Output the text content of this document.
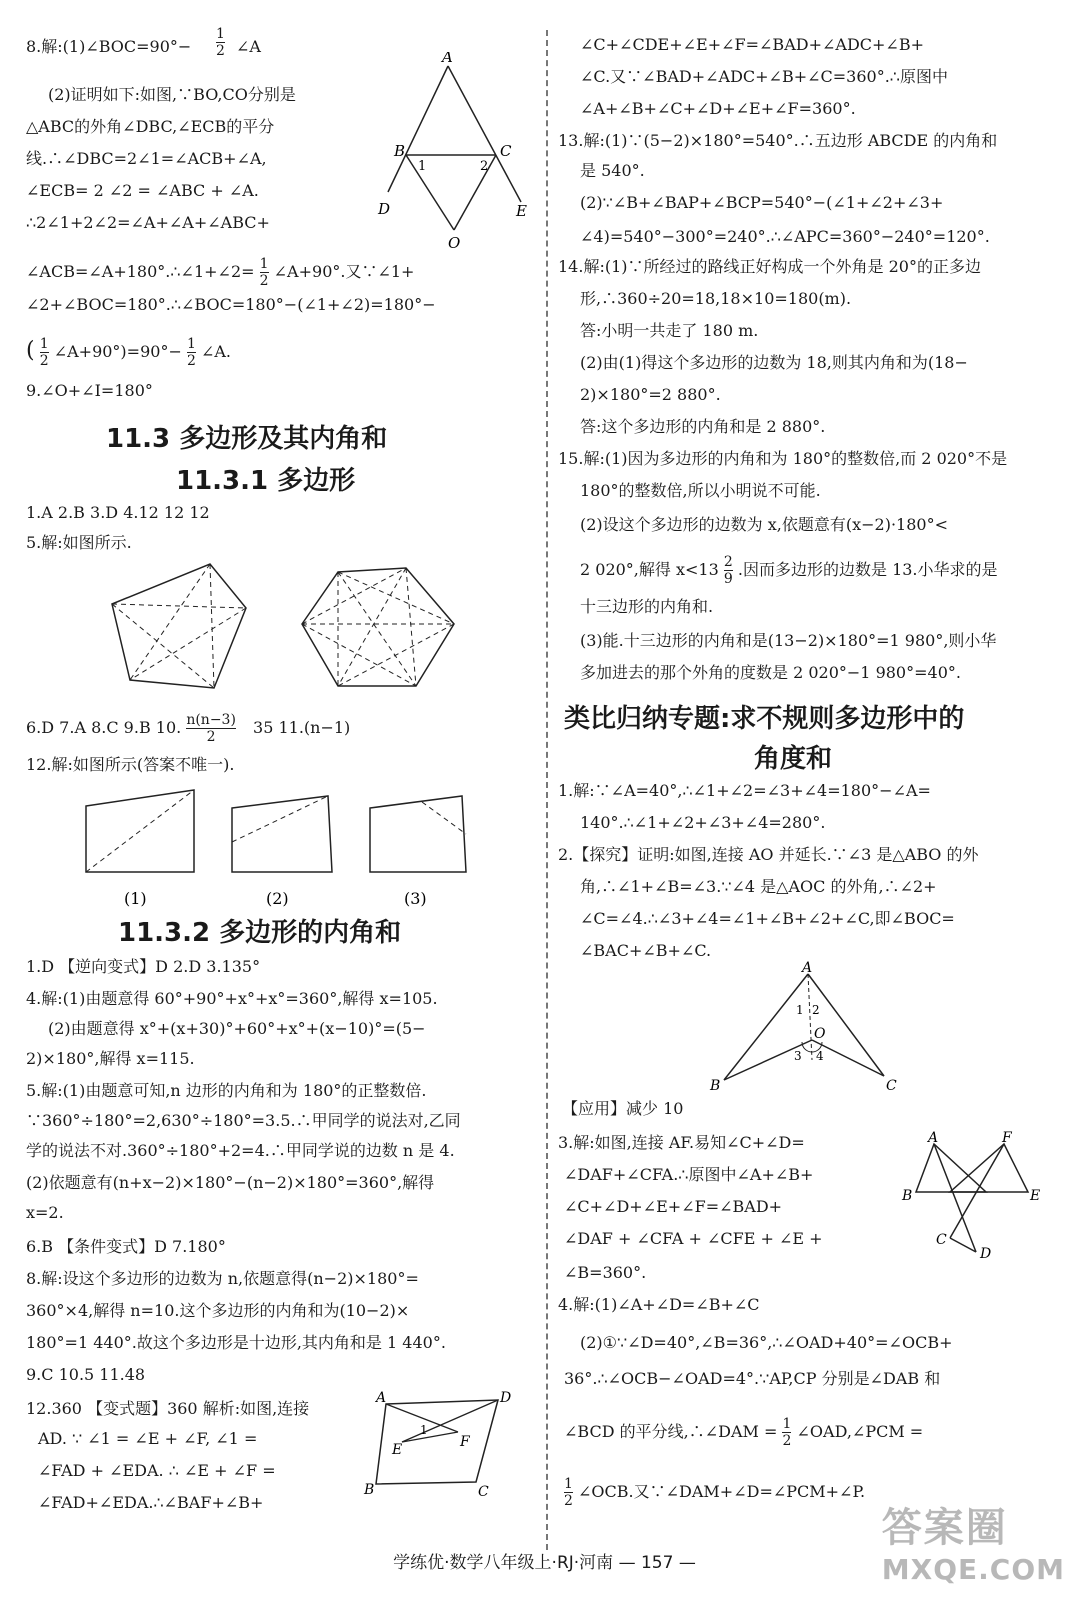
8.解:(1)∠BOC=90°−
1
2 ∠A
(2)证明如下:如图,∵BO,CO分别是
△ABC的外角∠DBC,∠ECB的平分
线.∴∠DBC=2∠1=∠ACB+∠A,
∠ECB= 2 ∠2 = ∠ABC + ∠A.
∴2∠1+2∠2=∠A+∠A+∠ABC+
∠ACB=∠A+180°.∴∠1+∠2= $\frac{1}{2}$ ∠A+90°.又∵∠1+
∠2+∠BOC=180°.∴∠BOC=180°−(∠1+∠2)=180°−
( $\frac{1}{2}$ ∠A+90°)=90°− $\frac{1}{2}$ ∠A.
9.∠O+∠I=180°
A
B	C
D	E
O
1	2
11.3 多边形及其内角和
11.3.1 多边形
1.A 2.B 3.D 4.12 12 12
5.解:如图所示.
6.D 7.A 8.C 9.B 10. $\frac{n(n-3)}{2} 35$ 11.(n−1)
12.解:如图所示(答案不唯一).
(1)	(2)	(3)
11.3.2 多边形的内角和
1.D 【逆向变式】D 2.D 3.135°
4.解:(1)由题意得 60°+90°+x°+x°=360°,解得 x=105.
(2)由题意得 x°+(x+30)°+60°+x°+(x−10)°=(5−
2)×180°,解得 x=115.
5.解:(1)由题意可知,n 边形的内角和为 180°的正整数倍.
∵360°÷180°=2,630°÷180°=3.5.∴甲同学的说法对,乙同
学的说法不对.360°÷180°+2=4.∴甲同学说的边数 n 是 4.
(2)依题意有(n+x−2)×180°−(n−2)×180°=360°,解得
x=2.
6.B 【条件变式】D 7.180°
8.解:设这个多边形的边数为 n,依题意得(n−2)×180°=
360°×4,解得 n=10.这个多边形的内角和为(10−2)×
180°=1 440°.故这个多边形是十边形,其内角和是 1 440°.
9.C 10.5 11.48
12.360 【变式题】360 解析:如图,连接
AD. ∵ ∠1 = ∠E + ∠F, ∠1 =
∠FAD + ∠EDA. ∴ ∠E + ∠F =
∠FAD+∠EDA.∴∠BAF+∠B+
A	D
E	F
1
B	C
∠C+∠CDE+∠E+∠F=∠BAD+∠ADC+∠B+
∠C.又∵∠BAD+∠ADC+∠B+∠C=360°.∴原图中
∠A+∠B+∠C+∠D+∠E+∠F=360°.
13.解:(1)∵(5−2)×180°=540°.∴五边形 ABCDE 的内角和
是 540°.
(2)∵∠B+∠BAP+∠BCP=540°−(∠1+∠2+∠3+
∠4)=540°−300°=240°.∴∠APC=360°−240°=120°.
14.解:(1)∵所经过的路线正好构成一个外角是 20°的正多边
形,∴360÷20=18,18×10=180(m).
答:小明一共走了 180 m.
(2)由(1)得这个多边形的边数为 18,则其内角和为(18−
2)×180°=2 880°.
答:这个多边形的内角和是 2 880°.
15.解:(1)因为多边形的内角和为 180°的整数倍,而 2 020°不是
180°的整数倍,所以小明说不可能.
(2)设这个多边形的边数为 x,依题意有(x−2)·180°<
2 020°,解得 $x<13 \frac{2}{9}$ .因而多边形的边数是 13.小华求的是
十三边形的内角和.
(3)能.十三边形的内角和是(13−2)×180°=1 980°,则小华
多加进去的那个外角的度数是 2 020°−1 980°=40°.
类比归纳专题:求不规则多边形中的
角度和
1.解:∵∠A=40°,∴∠1+∠2=∠3+∠4=180°−∠A=
140°.∴∠1+∠2+∠3+∠4=280°.
2.【探究】证明:如图,连接 AO 并延长.∵∠3 是△ABO 的外
角,∴∠1+∠B=∠3.∵∠4 是△AOC 的外角,∴∠2+
∠C=∠4.∴∠3+∠4=∠1+∠B+∠2+∠C,即∠BOC=
∠BAC+∠B+∠C.
A
B	C
O
1 2
3 4
【应用】减少 10
3.解:如图,连接 AF.易知∠C+∠D=
∠DAF+∠CFA.∴原图中∠A+∠B+
∠C+∠D+∠E+∠F=∠BAD+
∠DAF + ∠CFA + ∠CFE + ∠E +
∠B=360°.
A	F
B	E
C
D
4.解:(1)∠A+∠D=∠B+∠C
(2)①∵∠D=40°,∠B=36°,∴∠OAD+40°=∠OCB+
36°.∴∠OCB−∠OAD=4°.∵AP,CP 分别是∠DAB 和
∠BCD 的平分线,∴∠DAM = $\frac{1}{2}$ ∠OAD,∠PCM =
$\frac{1}{2}$ ∠OCB.又∵∠DAM+∠D=∠PCM+∠P.
学练优·数学八年级上·RJ·河南 — 157 —
答案圈
MXQE.COM
